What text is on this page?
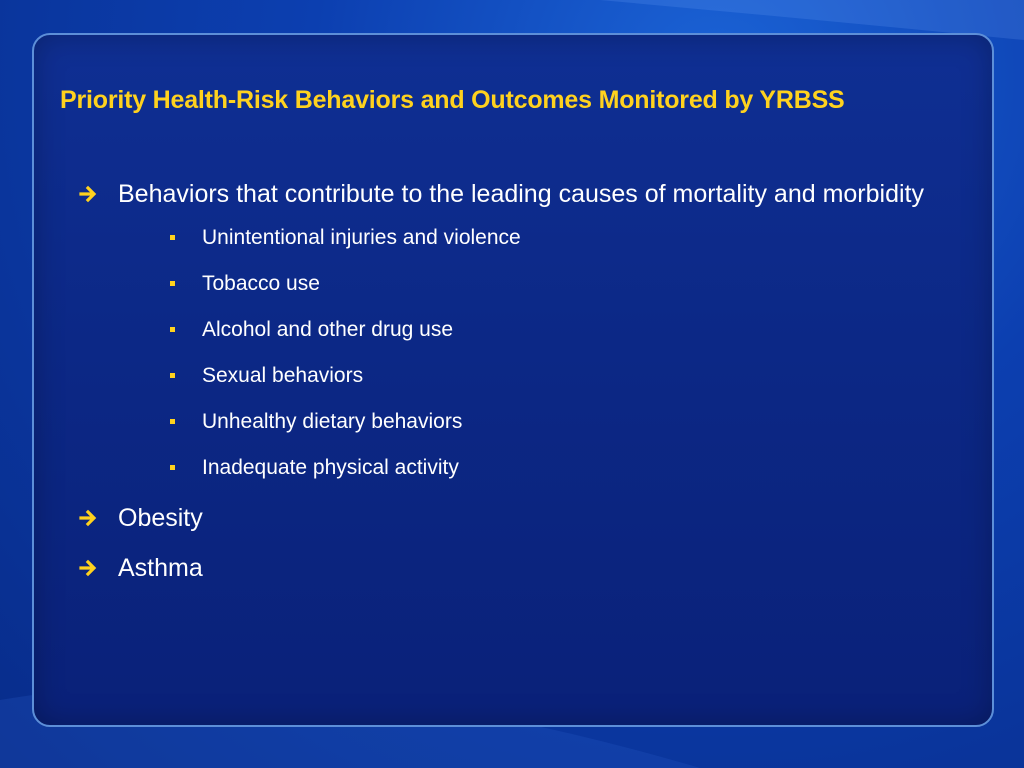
Priority Health-Risk Behaviors and Outcomes Monitored by YRBSS
Behaviors that contribute to the leading causes of mortality and morbidity
Unintentional injuries and violence
Tobacco use
Alcohol and other drug use
Sexual behaviors
Unhealthy dietary behaviors
Inadequate physical activity
Obesity
Asthma
